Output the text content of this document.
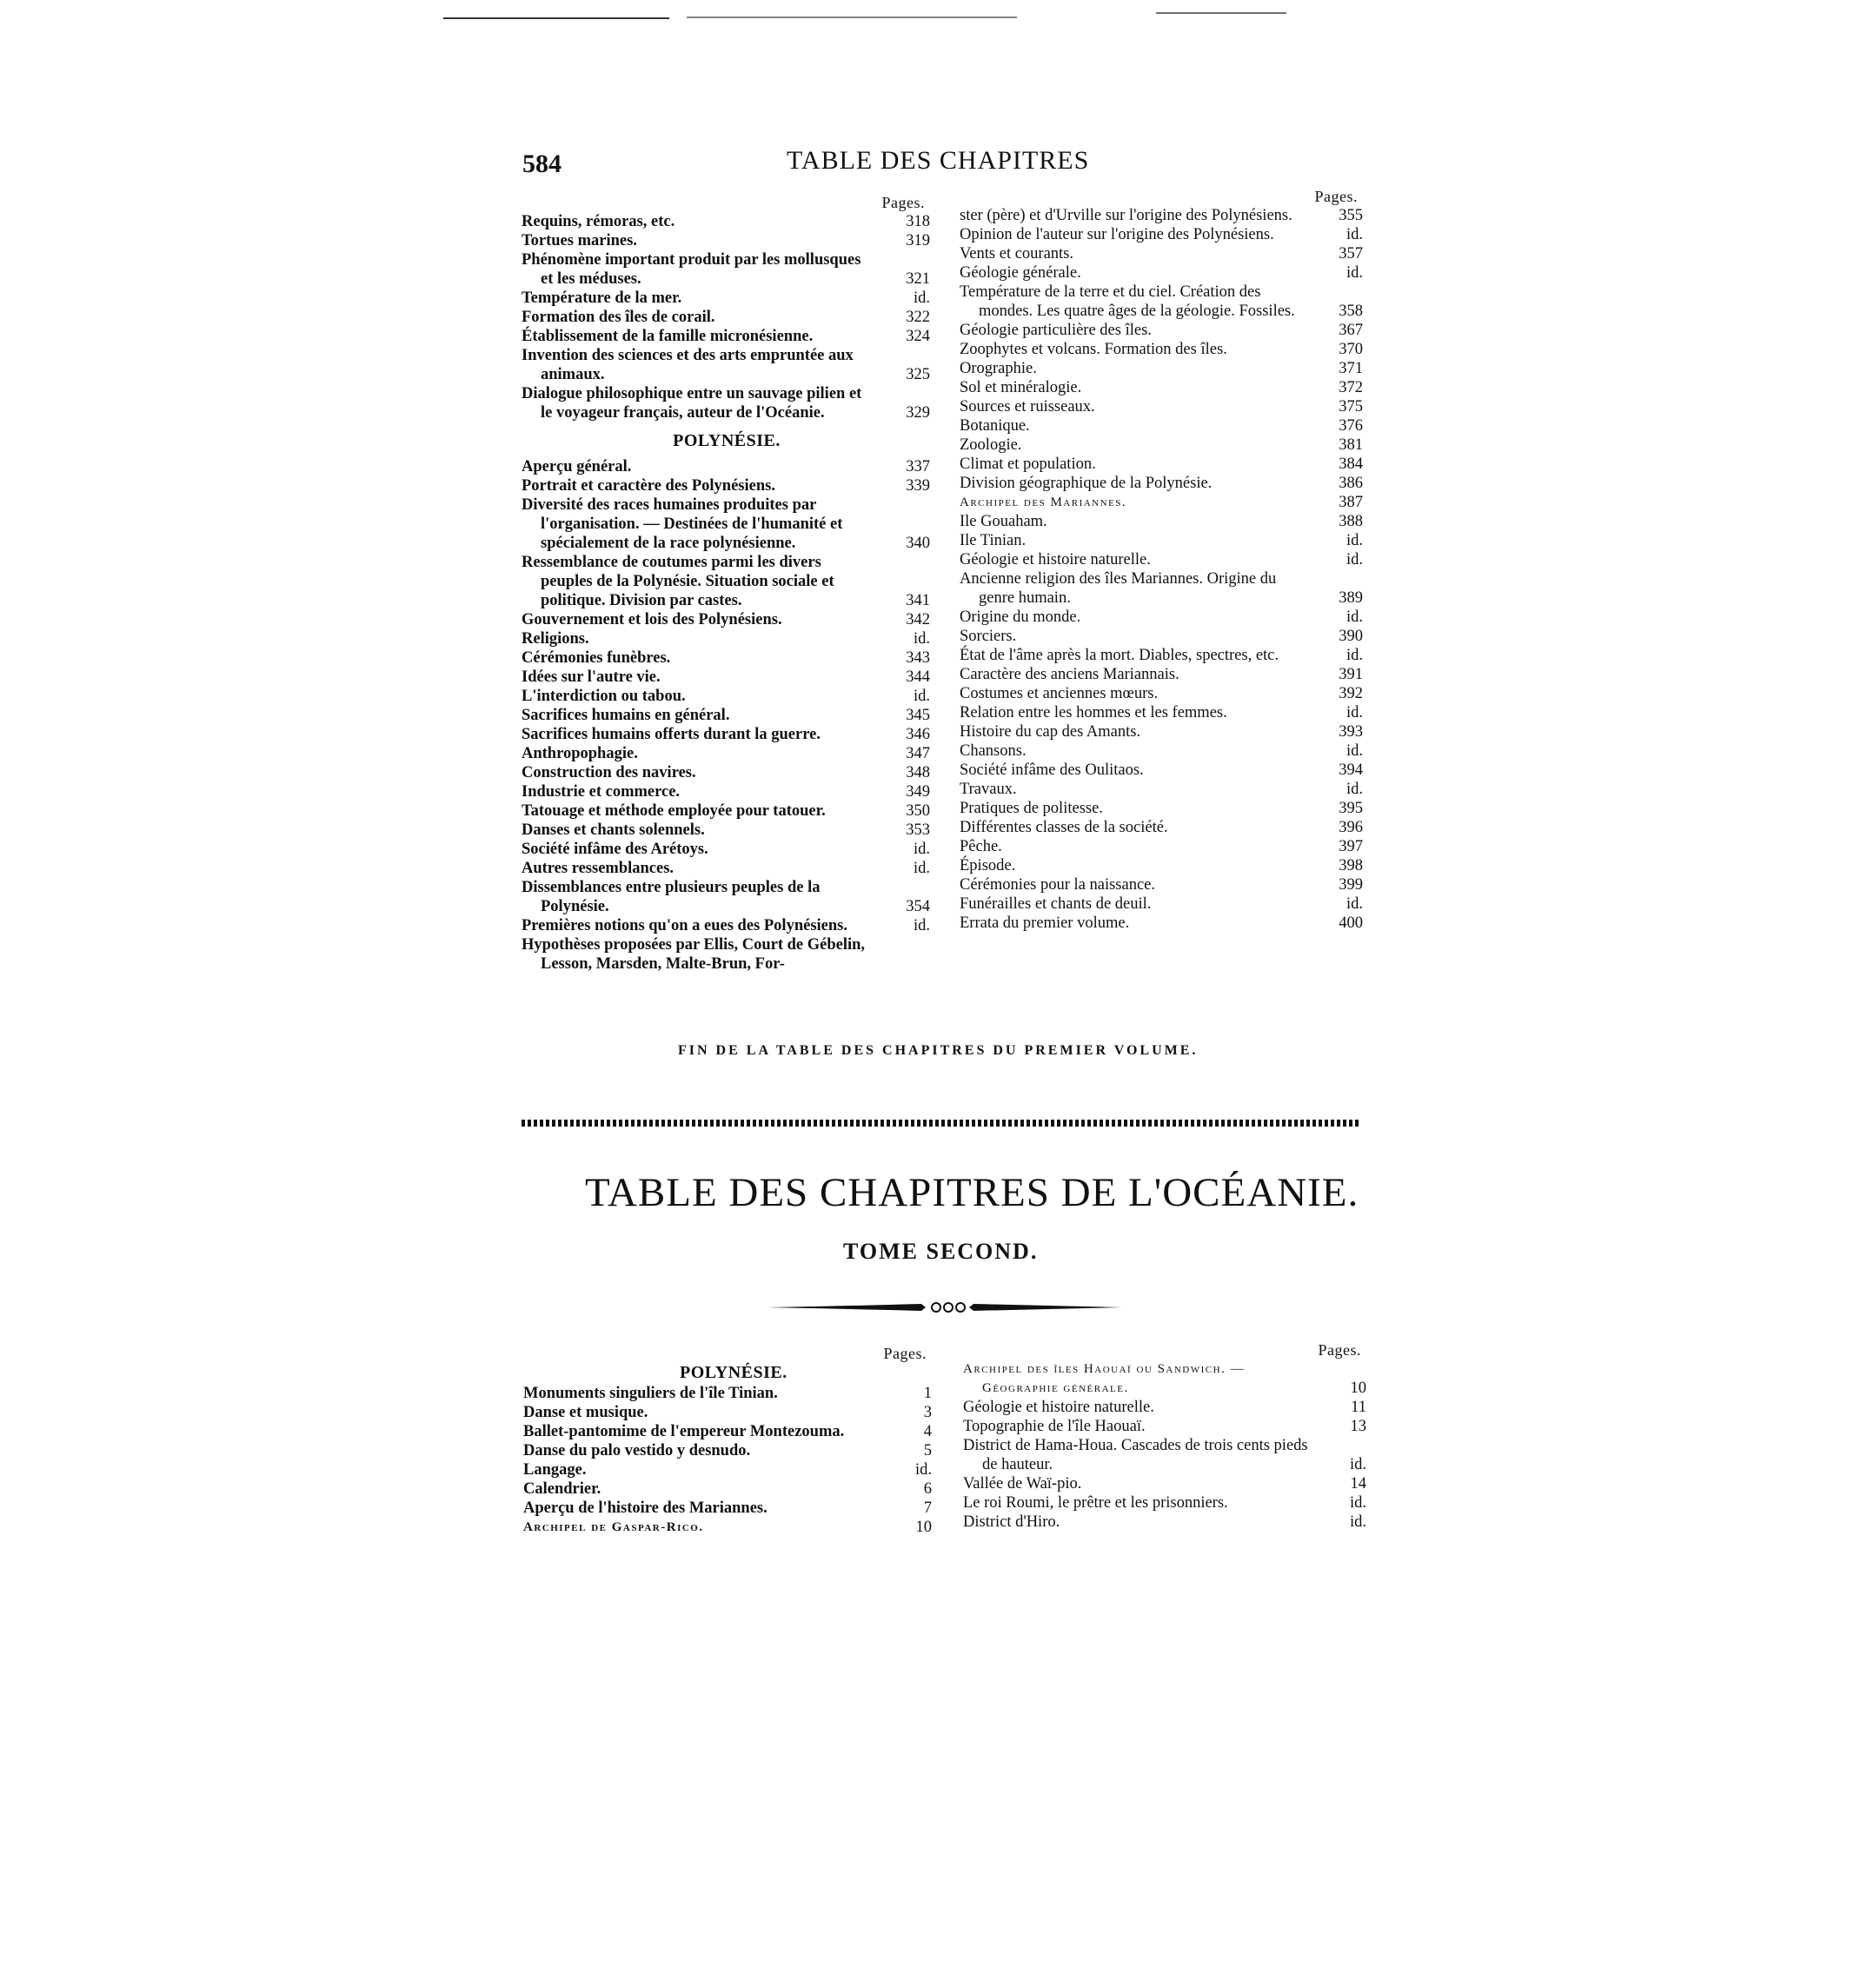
584	TABLE DES CHAPITRES
Pages.
Requins, rémoras, etc.	318
Tortues marines.	319
Phénomène important produit par les mollusques et les méduses.	321
Température de la mer.	id.
Formation des îles de corail.	322
Établissement de la famille micronésienne.	324
Invention des sciences et des arts empruntée aux animaux.	325
Dialogue philosophique entre un sauvage pilien et le voyageur français, auteur de l'Océanie.	329
POLYNÉSIE.
Aperçu général.	337
Portrait et caractère des Polynésiens.	339
Diversité des races humaines produites par l'organisation. — Destinées de l'humanité et spécialement de la race polynésienne.	340
Ressemblance de coutumes parmi les divers peuples de la Polynésie. Situation sociale et politique. Division par castes.	341
Gouvernement et lois des Polynésiens.	342
Religions.	id.
Cérémonies funèbres.	343
Idées sur l'autre vie.	344
L'interdiction ou tabou.	id.
Sacrifices humains en général.	345
Sacrifices humains offerts durant la guerre.	346
Anthropophagie.	347
Construction des navires.	348
Industrie et commerce.	349
Tatouage et méthode employée pour tatouer.	350
Danses et chants solennels.	353
Société infâme des Arétoys.	id.
Autres ressemblances.	id.
Dissemblances entre plusieurs peuples de la Polynésie.	354
Premières notions qu'on a eues des Polynésiens.	id.
Hypothèses proposées par Ellis, Court de Gébelin, Lesson, Marsden, Malte-Brun, For-
Pages.
ster (père) et d'Urville sur l'origine des Polynésiens.	355
Opinion de l'auteur sur l'origine des Polynésiens.	id.
Vents et courants.	357
Géologie générale.	id.
Température de la terre et du ciel. Création des mondes. Les quatre âges de la géologie. Fossiles.	358
Géologie particulière des îles.	367
Zoophytes et volcans. Formation des îles.	370
Orographie.	371
Sol et minéralogie.	372
Sources et ruisseaux.	375
Botanique.	376
Zoologie.	381
Climat et population.	384
Division géographique de la Polynésie.	386
Archipel des Mariannes.	387
Ile Gouaham.	388
Ile Tinian.	id.
Géologie et histoire naturelle.	id.
Ancienne religion des îles Mariannes. Origine du genre humain.	389
Origine du monde.	id.
Sorciers.	390
État de l'âme après la mort. Diables, spectres, etc.	id.
Caractère des anciens Mariannais.	391
Costumes et anciennes mœurs.	392
Relation entre les hommes et les femmes.	id.
Histoire du cap des Amants.	393
Chansons.	id.
Société infâme des Oulitaos.	394
Travaux.	id.
Pratiques de politesse.	395
Différentes classes de la société.	396
Pêche.	397
Épisode.	398
Cérémonies pour la naissance.	399
Funérailles et chants de deuil.	id.
Errata du premier volume.	400
FIN DE LA TABLE DES CHAPITRES DU PREMIER VOLUME.
TABLE DES CHAPITRES DE L'OCÉANIE.
TOME SECOND.
Pages.
POLYNÉSIE.
Monuments singuliers de l'île Tinian.	1
Danse et musique.	3
Ballet-pantomime de l'empereur Montezouma.	4
Danse du palo vestido y desnudo.	5
Langage.	id.
Calendrier.	6
Aperçu de l'histoire des Mariannes.	7
Archipel de Gaspar-Rico.	10
Pages.
Archipel des îles Haouaï ou Sandwich. — Géographie générale.	10
Géologie et histoire naturelle.	11
Topographie de l'île Haouaï.	13
District de Hama-Houa. Cascades de trois cents pieds de hauteur.	id.
Vallée de Waï-pio.	14
Le roi Roumi, le prêtre et les prisonniers.	id.
District d'Hiro.	id.
